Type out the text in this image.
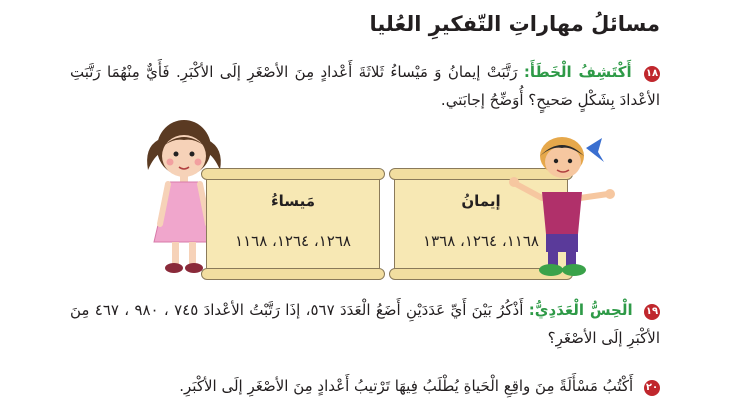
مسائلُ مهاراتِ التّفكيرِ العُليا
١٨ أَكْتَشِفُ الْخَطَأَ: رَتَّبَتْ إيمانُ وَ مَيْساءُ ثَلاثَةَ أَعْدادٍ مِنَ الأصْغَرِ إلَى الأكْبَرِ. فَأَيٌّ مِنْهُمَا رَتَّبَتِ الأعْدادَ بِشَكْلٍ صَحيحٍ؟ أُوَضِّحُ إجابَتي.
مَيساءُ
١٢٦٨، ١٢٦٤، ١١٦٨
إيمانُ
١١٦٨، ١٢٦٤، ١٣٦٨
١٩ الْحِسُّ الْعَدَدِيُّ: أَذْكُرُ بَيْنَ أَيِّ عَدَدَيْنِ أَضَعُ الْعَدَدَ ٥٦٧، إذَا رَتَّبْتُ الأعْدادَ ٧٤٥ ، ٩٨٠ ، ٤٦٧ مِنَ الأكْبَرِ إلَى الأصْغَرِ؟
٢٠ أَكْتُبُ مَسْأَلَةً مِنَ واقِعِ الْحَياةِ يُطْلَبُ فِيهَا تَرْتيبُ أَعْدادٍ مِنَ الأصْغَرِ إلَى الأكْبَرِ.
